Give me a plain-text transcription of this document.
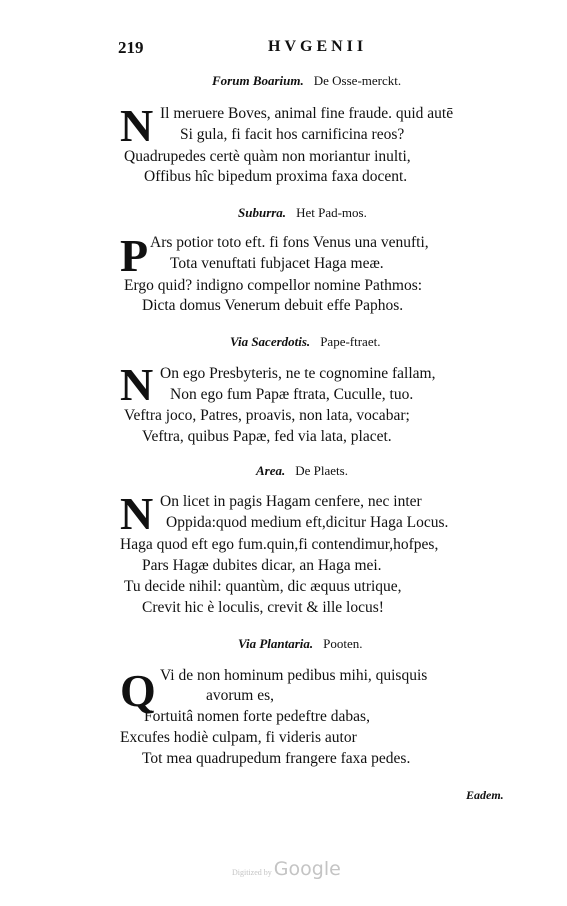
219	HVGENII
Forum Boarium. De Osse-merckt.
N Il meruere Boves, animal fine fraude. quid autē
Si gula, fi facit hos carnificina reos?
Quadrupedes certè quàm non moriantur inulti,
Offibus hîc bipedum proxima faxa docent.
Suburra. Het Pad-mos.
P Ars potior toto eft. fi fons Venus una venufti,
Tota venuftati fubjacet Haga meæ.
Ergo quid? indigno compellor nomine Pathmos:
Dicta domus Venerum debuit effe Paphos.
Via Sacerdotis. Pape-ftraet.
N On ego Presbyteris, ne te cognomine fallam,
Non ego fum Papæ ftrata, Cuculle, tuo.
Veftra joco, Patres, proavis, non lata, vocabar;
Veftra, quibus Papæ, fed via lata, placet.
Area. De Plaets.
N On licet in pagis Hagam cenfere, nec inter
Oppida:quod medium eft,dicitur Haga Locus.
Haga quod eft ego fum.quin,fi contendimur,hofpes,
Pars Hagæ dubites dicar, an Haga mei.
Tu decide nihil: quantùm, dic æquus utrique,
Crevit hic è loculis, crevit & ille locus!
Via Plantaria. Pooten.
Q Vi de non hominum pedibus mihi, quisquis
avorum es,
Fortuitâ nomen forte pedeftre dabas,
Excufes hodiè culpam, fi videris autor
Tot mea quadrupedum frangere faxa pedes.
Eadem.
Digitized by Google
